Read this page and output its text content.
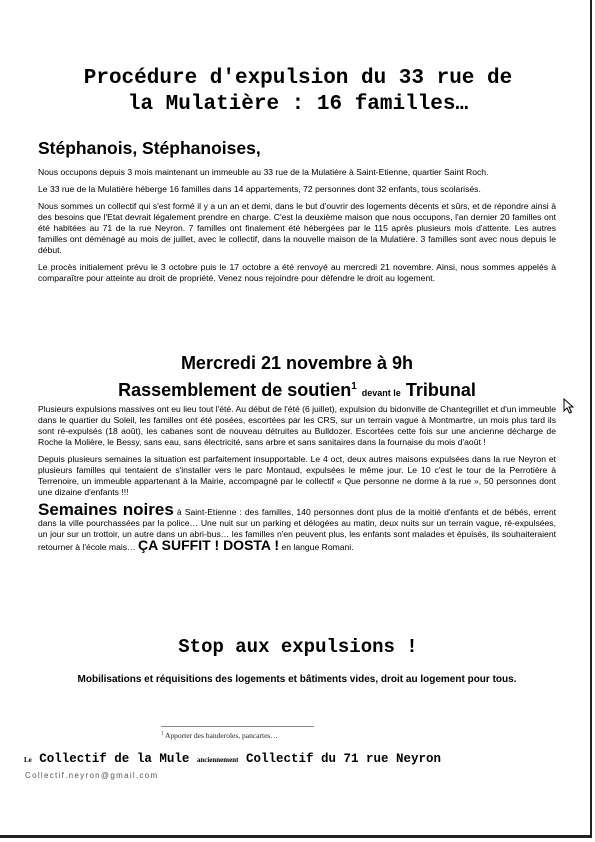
Procédure d'expulsion du 33 rue de
la Mulatière : 16 familles…
Stéphanois, Stéphanoises,

Nous occupons depuis 3 mois maintenant un immeuble au 33 rue de la Mulatière à Saint-Etienne, quartier Saint Roch.

Le 33 rue de la Mulatière héberge 16 familles dans 14 appartements, 72 personnes dont 32 enfants, tous scolarisés.

Nous sommes un collectif qui s'est formé il y a un an et demi, dans le but d'ouvrir des logements décents et sûrs, et de répondre ainsi à des besoins que l'Etat devrait légalement prendre en charge. C'est la deuxième maison que nous occupons, l'an dernier 20 familles ont été habitées au 71 de la rue Neyron. 7 familles ont finalement été hébergées par le 115 après plusieurs mois d'attente. Les autres familles ont déménagé au mois de juillet, avec le collectif, dans la nouvelle maison de la Mulatière. 3 familles sont avec nous depuis le début.

Le procès initialement prévu le 3 octobre puis le 17 octobre a été renvoyé au mercredi 21 novembre. Ainsi, nous sommes appelés à comparaître pour atteinte au droit de propriété. Venez nous rejoindre pour défendre le droit au logement.

Mercredi 21 novembre à 9h
Rassemblement de soutien$^1$ devant le Tribunal

Plusieurs expulsions massives ont eu lieu tout l'été. Au début de l'été (6 juillet), expulsion du bidonville de Chantegrillet et d'un immeuble dans le quartier du Soleil, les familles ont été posées, escortées par les CRS, sur un terrain vague à Montmartre, un mois plus tard ils sont ré-expulsés (18 août), les cabanes sont de nouveau détruites au Bulldozer. Escortées cette fois sur une ancienne décharge de Roche la Molière, le Bessy, sans eau, sans électricité, sans arbre et sans sanitaires dans la fournaise du mois d'août !

Depuis plusieurs semaines la situation est parfaitement insupportable. Le 4 oct, deux autres maisons expulsées dans la rue Neyron et plusieurs familles qui tentaient de s'installer vers le parc Montaud, expulsées le même jour. Le 10 c'est le tour de la Perrotière à Terrenoire, un immeuble appartenant à la Mairie, accompagné par le collectif « Que personne ne dorme à la rue », 50 personnes dont une dizaine d'enfants !!!

Semaines noires à Saint-Etienne : des familles, 140 personnes dont plus de la moitié d'enfants et de bébés, errent dans la ville pourchassées par la police… Une nuit sur un parking et délogées au matin, deux nuits sur un terrain vague, ré-expulsées, un jour sur un trottoir, un autre dans un abri-bus… les familles n'en peuvent plus, les enfants sont malades et épuisés, ils souhaiteraient retourner à l'école mais… ÇA SUFFIT ! DOSTA ! en langue Romani.

Stop aux expulsions !
Mobilisations et réquisitions des logements et bâtiments vides, droit au logement pour tous.
$^1$ Apporter des banderoles, pancartes…
Le Collectif de la Mule anciennement Collectif du 71 rue Neyron
Collectif.neyron@gmail.com
